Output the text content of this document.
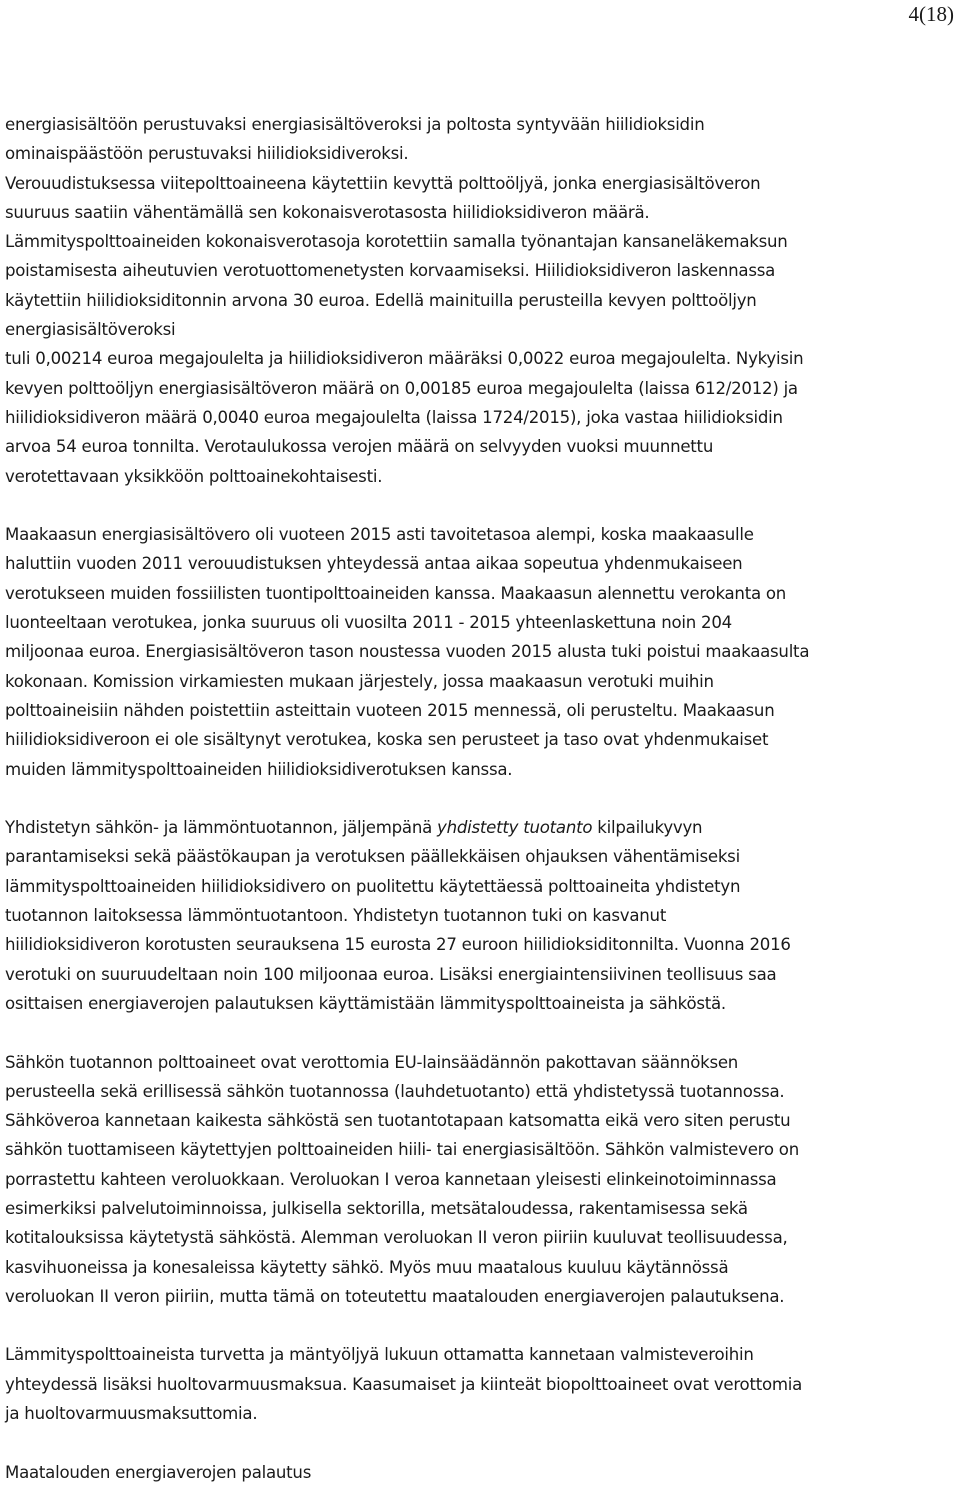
4(18)

energiasisältöön perustuvaksi energiasisältöveroksi ja poltosta syntyvään hiilidioksidin
ominaispäästöön perustuvaksi hiilidioksidiveroksi.
Verouudistuksessa viitepolttoaineena käytettiin kevyttä polttoöljyä, jonka energiasisältöveron
suuruus saatiin vähentämällä sen kokonaisverotasosta hiilidioksidiveron määrä.
Lämmityspolttoaineiden kokonaisverotasoja korotettiin samalla työnantajan kansaneläkemaksun
poistamisesta aiheutuvien verotuottomenetysten korvaamiseksi. Hiilidioksidiveron laskennassa
käytettiin hiilidioksiditonnin arvona 30 euroa. Edellä mainituilla perusteilla kevyen polttoöljyn
energiasisältöveroksi
tuli 0,00214 euroa megajoulelta ja hiilidioksidiveron määräksi 0,0022 euroa megajoulelta. Nykyisin
kevyen polttoöljyn energiasisältöveron määrä on 0,00185 euroa megajoulelta (laissa 612/2012) ja
hiilidioksidiveron määrä 0,0040 euroa megajoulelta (laissa 1724/2015), joka vastaa hiilidioksidin
arvoa 54 euroa tonnilta. Verotaulukossa verojen määrä on selvyyden vuoksi muunnettu
verotettavaan yksikköön polttoainekohtaisesti.

Maakaasun energiasisältövero oli vuoteen 2015 asti tavoitetasoa alempi, koska maakaasulle
haluttiin vuoden 2011 verouudistuksen yhteydessä antaa aikaa sopeutua yhdenmukaiseen
verotukseen muiden fossiilisten tuontipolttoaineiden kanssa. Maakaasun alennettu verokanta on
luonteeltaan verotukea, jonka suuruus oli vuosilta 2011 - 2015 yhteenlaskettuna noin 204
miljoonaa euroa. Energiasisältöveron tason noustessa vuoden 2015 alusta tuki poistui maakaasulta
kokonaan. Komission virkamiesten mukaan järjestely, jossa maakaasun verotuki muihin
polttoaineisiin nähden poistettiin asteittain vuoteen 2015 mennessä, oli perusteltu. Maakaasun
hiilidioksidiveroon ei ole sisältynyt verotukea, koska sen perusteet ja taso ovat yhdenmukaiset
muiden lämmityspolttoaineiden hiilidioksidiverotuksen kanssa.

Yhdistetyn sähkön- ja lämmöntuotannon, jäljempänä yhdistetty tuotanto kilpailukyvyn
parantamiseksi sekä päästökaupan ja verotuksen päällekkäisen ohjauksen vähentämiseksi
lämmityspolttoaineiden hiilidioksidivero on puolitettu käytettäessä polttoaineita yhdistetyn
tuotannon laitoksessa lämmöntuotantoon. Yhdistetyn tuotannon tuki on kasvanut
hiilidioksidiveron korotusten seurauksena 15 eurosta 27 euroon hiilidioksiditonnilta. Vuonna 2016
verotuki on suuruudeltaan noin 100 miljoonaa euroa. Lisäksi energiaintensiivinen teollisuus saa
osittaisen energiaverojen palautuksen käyttämistään lämmityspolttoaineista ja sähköstä.

Sähkön tuotannon polttoaineet ovat verottomia EU-lainsäädännön pakottavan säännöksen
perusteella sekä erillisessä sähkön tuotannossa (lauhdetuotanto) että yhdistetyssä tuotannossa.
Sähköveroa kannetaan kaikesta sähköstä sen tuotantotapaan katsomatta eikä vero siten perustu
sähkön tuottamiseen käytettyjen polttoaineiden hiili- tai energiasisältöön. Sähkön valmistevero on
porrastettu kahteen veroluokkaan. Veroluokan I veroa kannetaan yleisesti elinkeinotoiminnassa
esimerkiksi palvelutoiminnoissa, julkisella sektorilla, metsätaloudessa, rakentamisessa sekä
kotitalouksissa käytetystä sähköstä. Alemman veroluokan II veron piiriin kuuluvat teollisuudessa,
kasvihuoneissa ja konesaleissa käytetty sähkö. Myös muu maatalous kuuluu käytännössä
veroluokan II veron piiriin, mutta tämä on toteutettu maatalouden energiaverojen palautuksena.

Lämmityspolttoaineista turvetta ja mäntyöljyä lukuun ottamatta kannetaan valmisteveroihin
yhteydessä lisäksi huoltovarmuusmaksua. Kaasumaiset ja kiinteät biopolttoaineet ovat verottomia
ja huoltovarmuusmaksuttomia.

Maatalouden energiaverojen palautus
